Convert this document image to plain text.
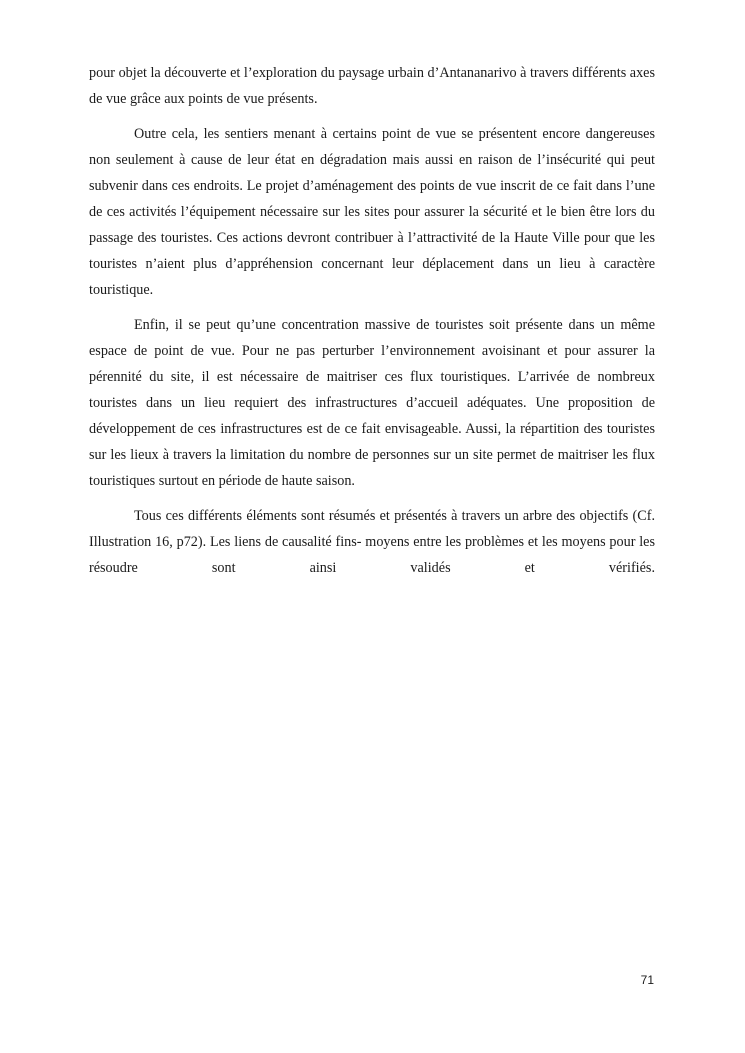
pour objet la découverte et l’exploration du paysage urbain d’Antananarivo à travers différents axes de vue grâce aux points de vue présents.

Outre cela, les sentiers menant à certains point de vue se présentent encore dangereuses non seulement à cause de leur état en dégradation mais aussi en raison de l’insécurité qui peut subvenir dans ces endroits. Le projet d’aménagement des points de vue inscrit de ce fait dans l’une de ces activités l’équipement nécessaire sur les sites pour assurer la sécurité et le bien être lors du passage des touristes. Ces actions devront contribuer à l’attractivité de la Haute Ville pour que les touristes n’aient plus d’appréhension concernant leur déplacement dans un lieu à caractère touristique.

Enfin, il se peut qu’une concentration massive de touristes soit présente dans un même espace de point de vue. Pour ne pas perturber l’environnement avoisinant et pour assurer la pérennité du site, il est nécessaire de maitriser ces flux touristiques. L’arrivée de nombreux touristes dans un lieu requiert des infrastructures d’accueil adéquates. Une proposition de développement de ces infrastructures est de ce fait envisageable. Aussi, la répartition des touristes sur les lieux à travers la limitation du nombre de personnes sur un site permet de maitriser les flux touristiques surtout en période de haute saison.

Tous ces différents éléments sont résumés et présentés à travers un arbre des objectifs (Cf. Illustration 16, p72). Les liens de causalité fins- moyens entre les problèmes et les moyens pour les résoudre sont ainsi validés et vérifiés.

71
